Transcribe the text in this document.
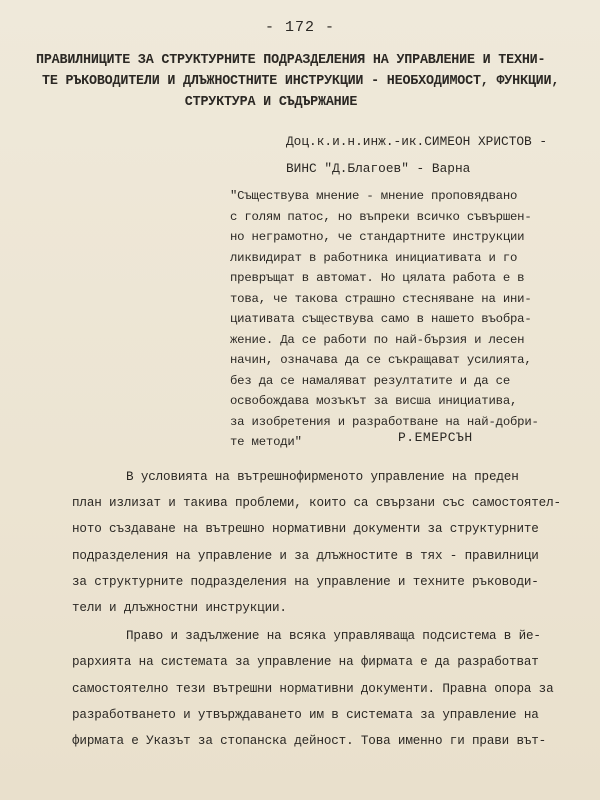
- 172 -
ПРАВИЛНИЦИТЕ ЗА СТРУКТУРНИТЕ ПОДРАЗДЕЛЕНИЯ НА УПРАВЛЕНИЕ И ТЕХНИ-
ТЕ РЪКОВОДИТЕЛИ И ДЛЪЖНОСТНИТЕ ИНСТРУКЦИИ - НЕОБХОДИМОСТ, ФУНКЦИИ,
СТРУКТУРА И СЪДЪРЖАНИЕ
Доц.к.и.н.инж.-ик.СИМЕОН ХРИСТОВ -
ВИНС "Д.Благоев" - Варна
"Съществува мнение - мнение проповядвано
с голям патос, но въпреки всичко съвършен-
но неграмотно, че стандартните инструкции
ликвидират в работника инициативата и го
превръщат в автомат. Но цялата работа е в
това, че такова страшно стесняване на ини-
циативата съществува само в нашето въобра-
жение. Да се работи по най-бързия и лесен
начин, означава да се съкращават усилията,
без да се намаляват резултатите и да се
освобождава мозъкът за висша инициатива,
за изобретения и разработване на най-добри-
те методи"	Р.ЕМЕРСЪН
В условията на вътрешнофирменото управление на преден
план излизат и такива проблеми, които са свързани със самостоятел-
ното създаване на вътрешно нормативни документи за структурните
подразделения на управление и за длъжностите в тях - правилници
за структурните подразделения на управление и техните ръководи-
тели и длъжностни инструкции.
Право и задължение на всяка управляваща подсистема в йе-
рархията на системата за управление на фирмата е да разработват
самостоятелно тези вътрешни нормативни документи. Правна опора за
разработването и утвърждаването им в системата за управление на
фирмата е Указът за стопанска дейност. Това именно ги прави вът-
